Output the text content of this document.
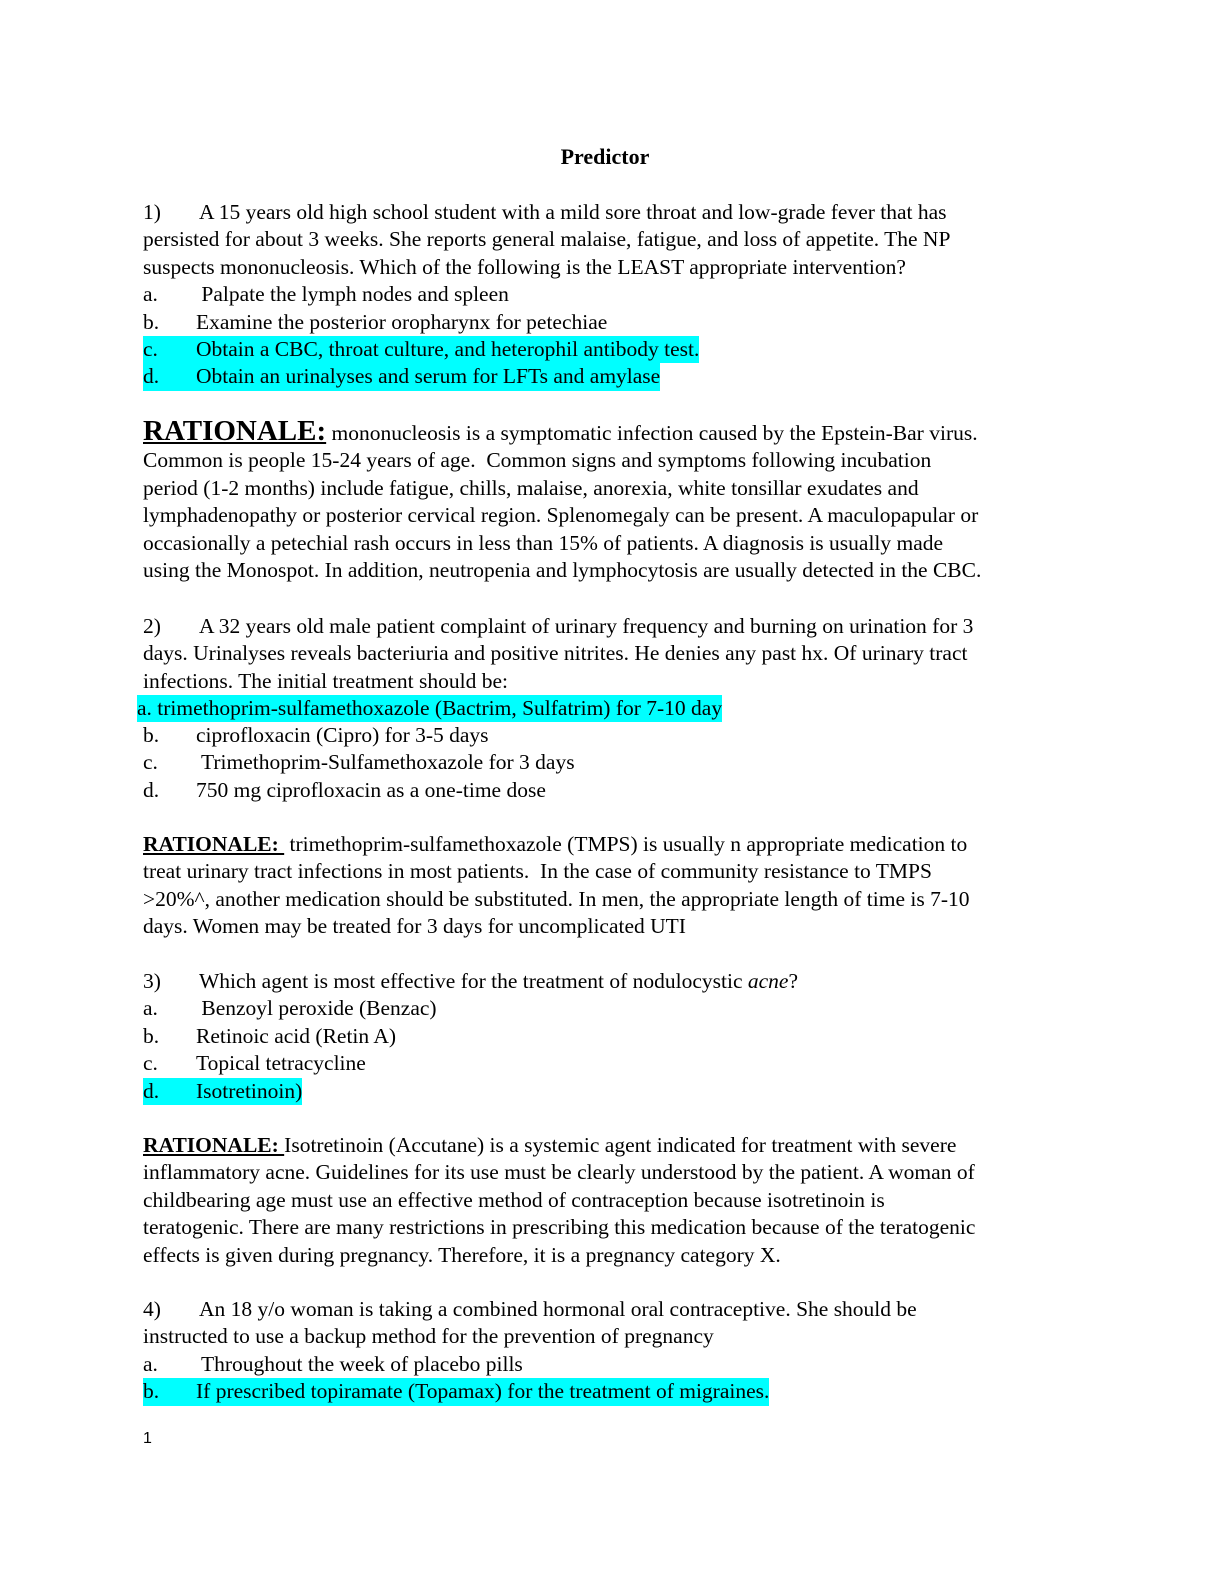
Predictor
1) A 15 years old high school student with a mild sore throat and low-grade fever that has
persisted for about 3 weeks. She reports general malaise, fatigue, and loss of appetite. The NP
suspects mononucleosis. Which of the following is the LEAST appropriate intervention?
a.	Palpate the lymph nodes and spleen
b.	Examine the posterior oropharynx for petechiae
c.	Obtain a CBC, throat culture, and heterophil antibody test.
d.	Obtain an urinalyses and serum for LFTs and amylase
RATIONALE: mononucleosis is a symptomatic infection caused by the Epstein-Bar virus.
Common is people 15-24 years of age.  Common signs and symptoms following incubation
period (1-2 months) include fatigue, chills, malaise, anorexia, white tonsillar exudates and
lymphadenopathy or posterior cervical region. Splenomegaly can be present. A maculopapular or
occasionally a petechial rash occurs in less than 15% of patients. A diagnosis is usually made
using the Monospot. In addition, neutropenia and lymphocytosis are usually detected in the CBC.
2) A 32 years old male patient complaint of urinary frequency and burning on urination for 3
days. Urinalyses reveals bacteriuria and positive nitrites. He denies any past hx. Of urinary tract
infections. The initial treatment should be:
a. trimethoprim-sulfamethoxazole (Bactrim, Sulfatrim) for 7-10 day
b.	ciprofloxacin (Cipro) for 3-5 days
c.	Trimethoprim-Sulfamethoxazole for 3 days
d.	750 mg ciprofloxacin as a one-time dose
RATIONALE:  trimethoprim-sulfamethoxazole (TMPS) is usually n appropriate medication to
treat urinary tract infections in most patients.  In the case of community resistance to TMPS
>20%^, another medication should be substituted. In men, the appropriate length of time is 7-10
days. Women may be treated for 3 days for uncomplicated UTI
3) Which agent is most effective for the treatment of nodulocystic acne?
a.	Benzoyl peroxide (Benzac)
b.	Retinoic acid (Retin A)
c.	Topical tetracycline
d.	Isotretinoin)
RATIONALE: Isotretinoin (Accutane) is a systemic agent indicated for treatment with severe
inflammatory acne. Guidelines for its use must be clearly understood by the patient. A woman of
childbearing age must use an effective method of contraception because isotretinoin is
teratogenic. There are many restrictions in prescribing this medication because of the teratogenic
effects is given during pregnancy. Therefore, it is a pregnancy category X.
4) An 18 y/o woman is taking a combined hormonal oral contraceptive. She should be
instructed to use a backup method for the prevention of pregnancy
a.	Throughout the week of placebo pills
b.	If prescribed topiramate (Topamax) for the treatment of migraines.
1
